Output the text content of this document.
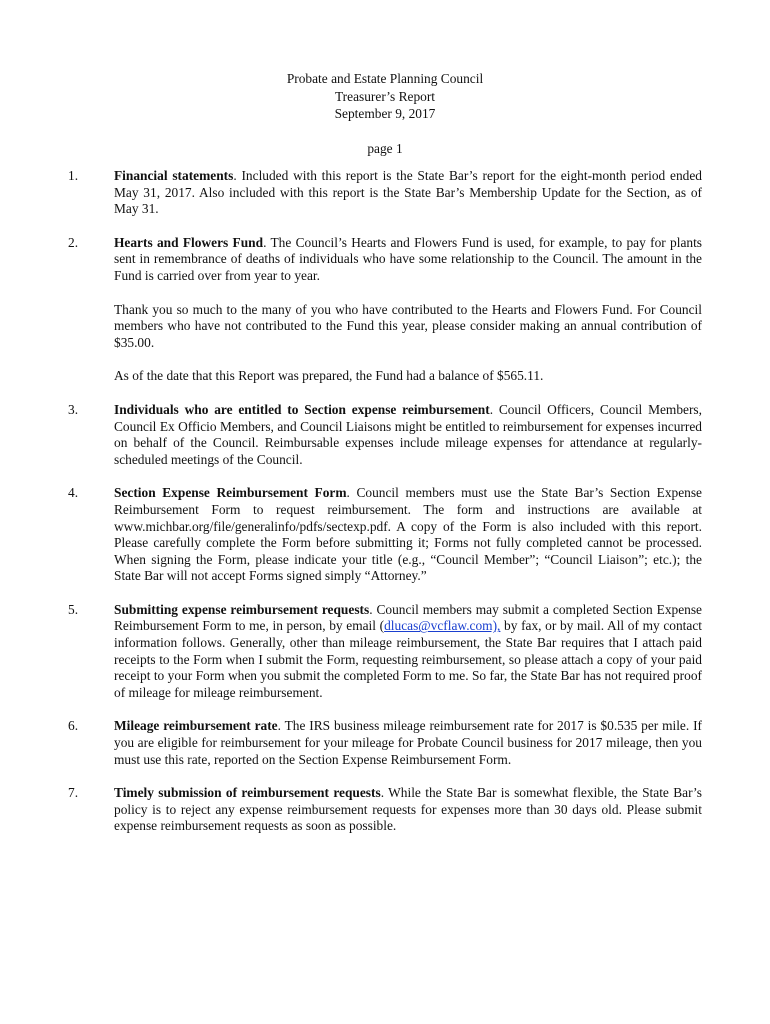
Probate and Estate Planning Council
Treasurer’s Report
September 9, 2017
page 1
1.	Financial statements. Included with this report is the State Bar’s report for the eight-month period ended May 31, 2017. Also included with this report is the State Bar’s Membership Update for the Section, as of May 31.

2.	Hearts and Flowers Fund. The Council’s Hearts and Flowers Fund is used, for example, to pay for plants sent in remembrance of deaths of individuals who have some relationship to the Council. The amount in the Fund is carried over from year to year.

Thank you so much to the many of you who have contributed to the Hearts and Flowers Fund. For Council members who have not contributed to the Fund this year, please consider making an annual contribution of $35.00.

As of the date that this Report was prepared, the Fund had a balance of $565.11.

3.	Individuals who are entitled to Section expense reimbursement. Council Officers, Council Members, Council Ex Officio Members, and Council Liaisons might be entitled to reimbursement for expenses incurred on behalf of the Council. Reimbursable expenses include mileage expenses for attendance at regularly-scheduled meetings of the Council.

4.	Section Expense Reimbursement Form. Council members must use the State Bar’s Section Expense Reimbursement Form to request reimbursement. The form and instructions are available at www.michbar.org/file/generalinfo/pdfs/sectexp.pdf. A copy of the Form is also included with this report. Please carefully complete the Form before submitting it; Forms not fully completed cannot be processed. When signing the Form, please indicate your title (e.g., “Council Member”; “Council Liaison”; etc.); the State Bar will not accept Forms signed simply “Attorney.”

5.	Submitting expense reimbursement requests. Council members may submit a completed Section Expense Reimbursement Form to me, in person, by email (dlucas@vcflaw.com), by fax, or by mail. All of my contact information follows. Generally, other than mileage reimbursement, the State Bar requires that I attach paid receipts to the Form when I submit the Form, requesting reimbursement, so please attach a copy of your paid receipt to your Form when you submit the completed Form to me. So far, the State Bar has not required proof of mileage for mileage reimbursement.

6.	Mileage reimbursement rate. The IRS business mileage reimbursement rate for 2017 is $0.535 per mile. If you are eligible for reimbursement for your mileage for Probate Council business for 2017 mileage, then you must use this rate, reported on the Section Expense Reimbursement Form.

7.	Timely submission of reimbursement requests. While the State Bar is somewhat flexible, the State Bar’s policy is to reject any expense reimbursement requests for expenses more than 30 days old. Please submit expense reimbursement requests as soon as possible.
